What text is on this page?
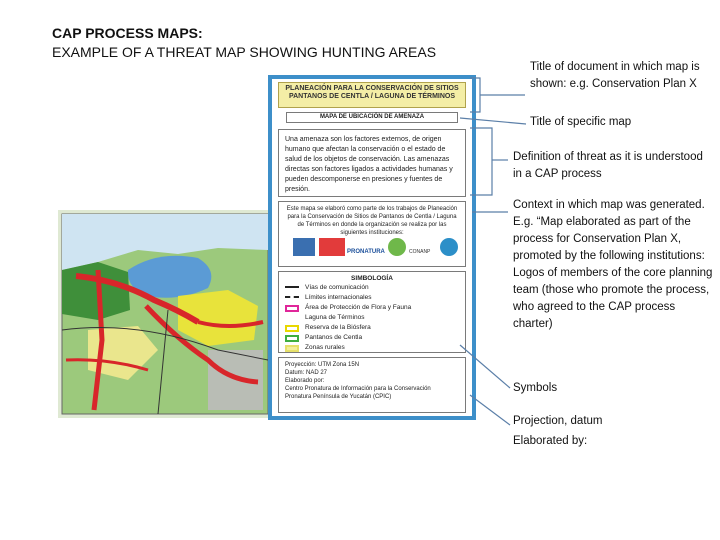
CAP PROCESS MAPS:
EXAMPLE OF A THREAT MAP SHOWING HUNTING AREAS
PLANEACIÓN PARA LA CONSERVACIÓN DE SITIOS
PANTANOS DE CENTLA / LAGUNA DE TÉRMINOS
MAPA DE UBICACIÓN DE AMENAZA
Una amenaza son los factores externos, de origen humano que afectan la conservación o el estado de salud de los objetos de conservación. Las amenazas directas son factores ligados a actividades humanas y pueden descomponerse en presiones y fuentes de presión.
Este mapa se elaboró como parte de los trabajos de Planeación para la Conservación de Sitios de Pantanos de Centla / Laguna de Términos en donde la organización se realiza por las siguientes instituciones:
PRONATURA	CONANP
SIMBOLOGÍA
Vías de comunicación
Límites internacionales
Área de Protección de Flora y Fauna
Laguna de Términos
Reserva de la Biósfera
Pantanos de Centla
Zonas rurales
Proyección: UTM Zona 15N
Datum: NAD 27
Elaborado por:
Centro Pronatura de Información para la Conservación
Pronatura Península de Yucatán (CPIC)
Title of document in which map is shown: e.g. Conservation Plan X
Title of specific map
Definition of threat as it is understood in a CAP process
Context in which map was generated. E.g. “Map elaborated as part of the process for Conservation Plan X, promoted by the following institutions:
Logos of members of the core planning team (those who promote the process, who agreed to the CAP process charter)
Symbols
Projection, datum
Elaborated by:
